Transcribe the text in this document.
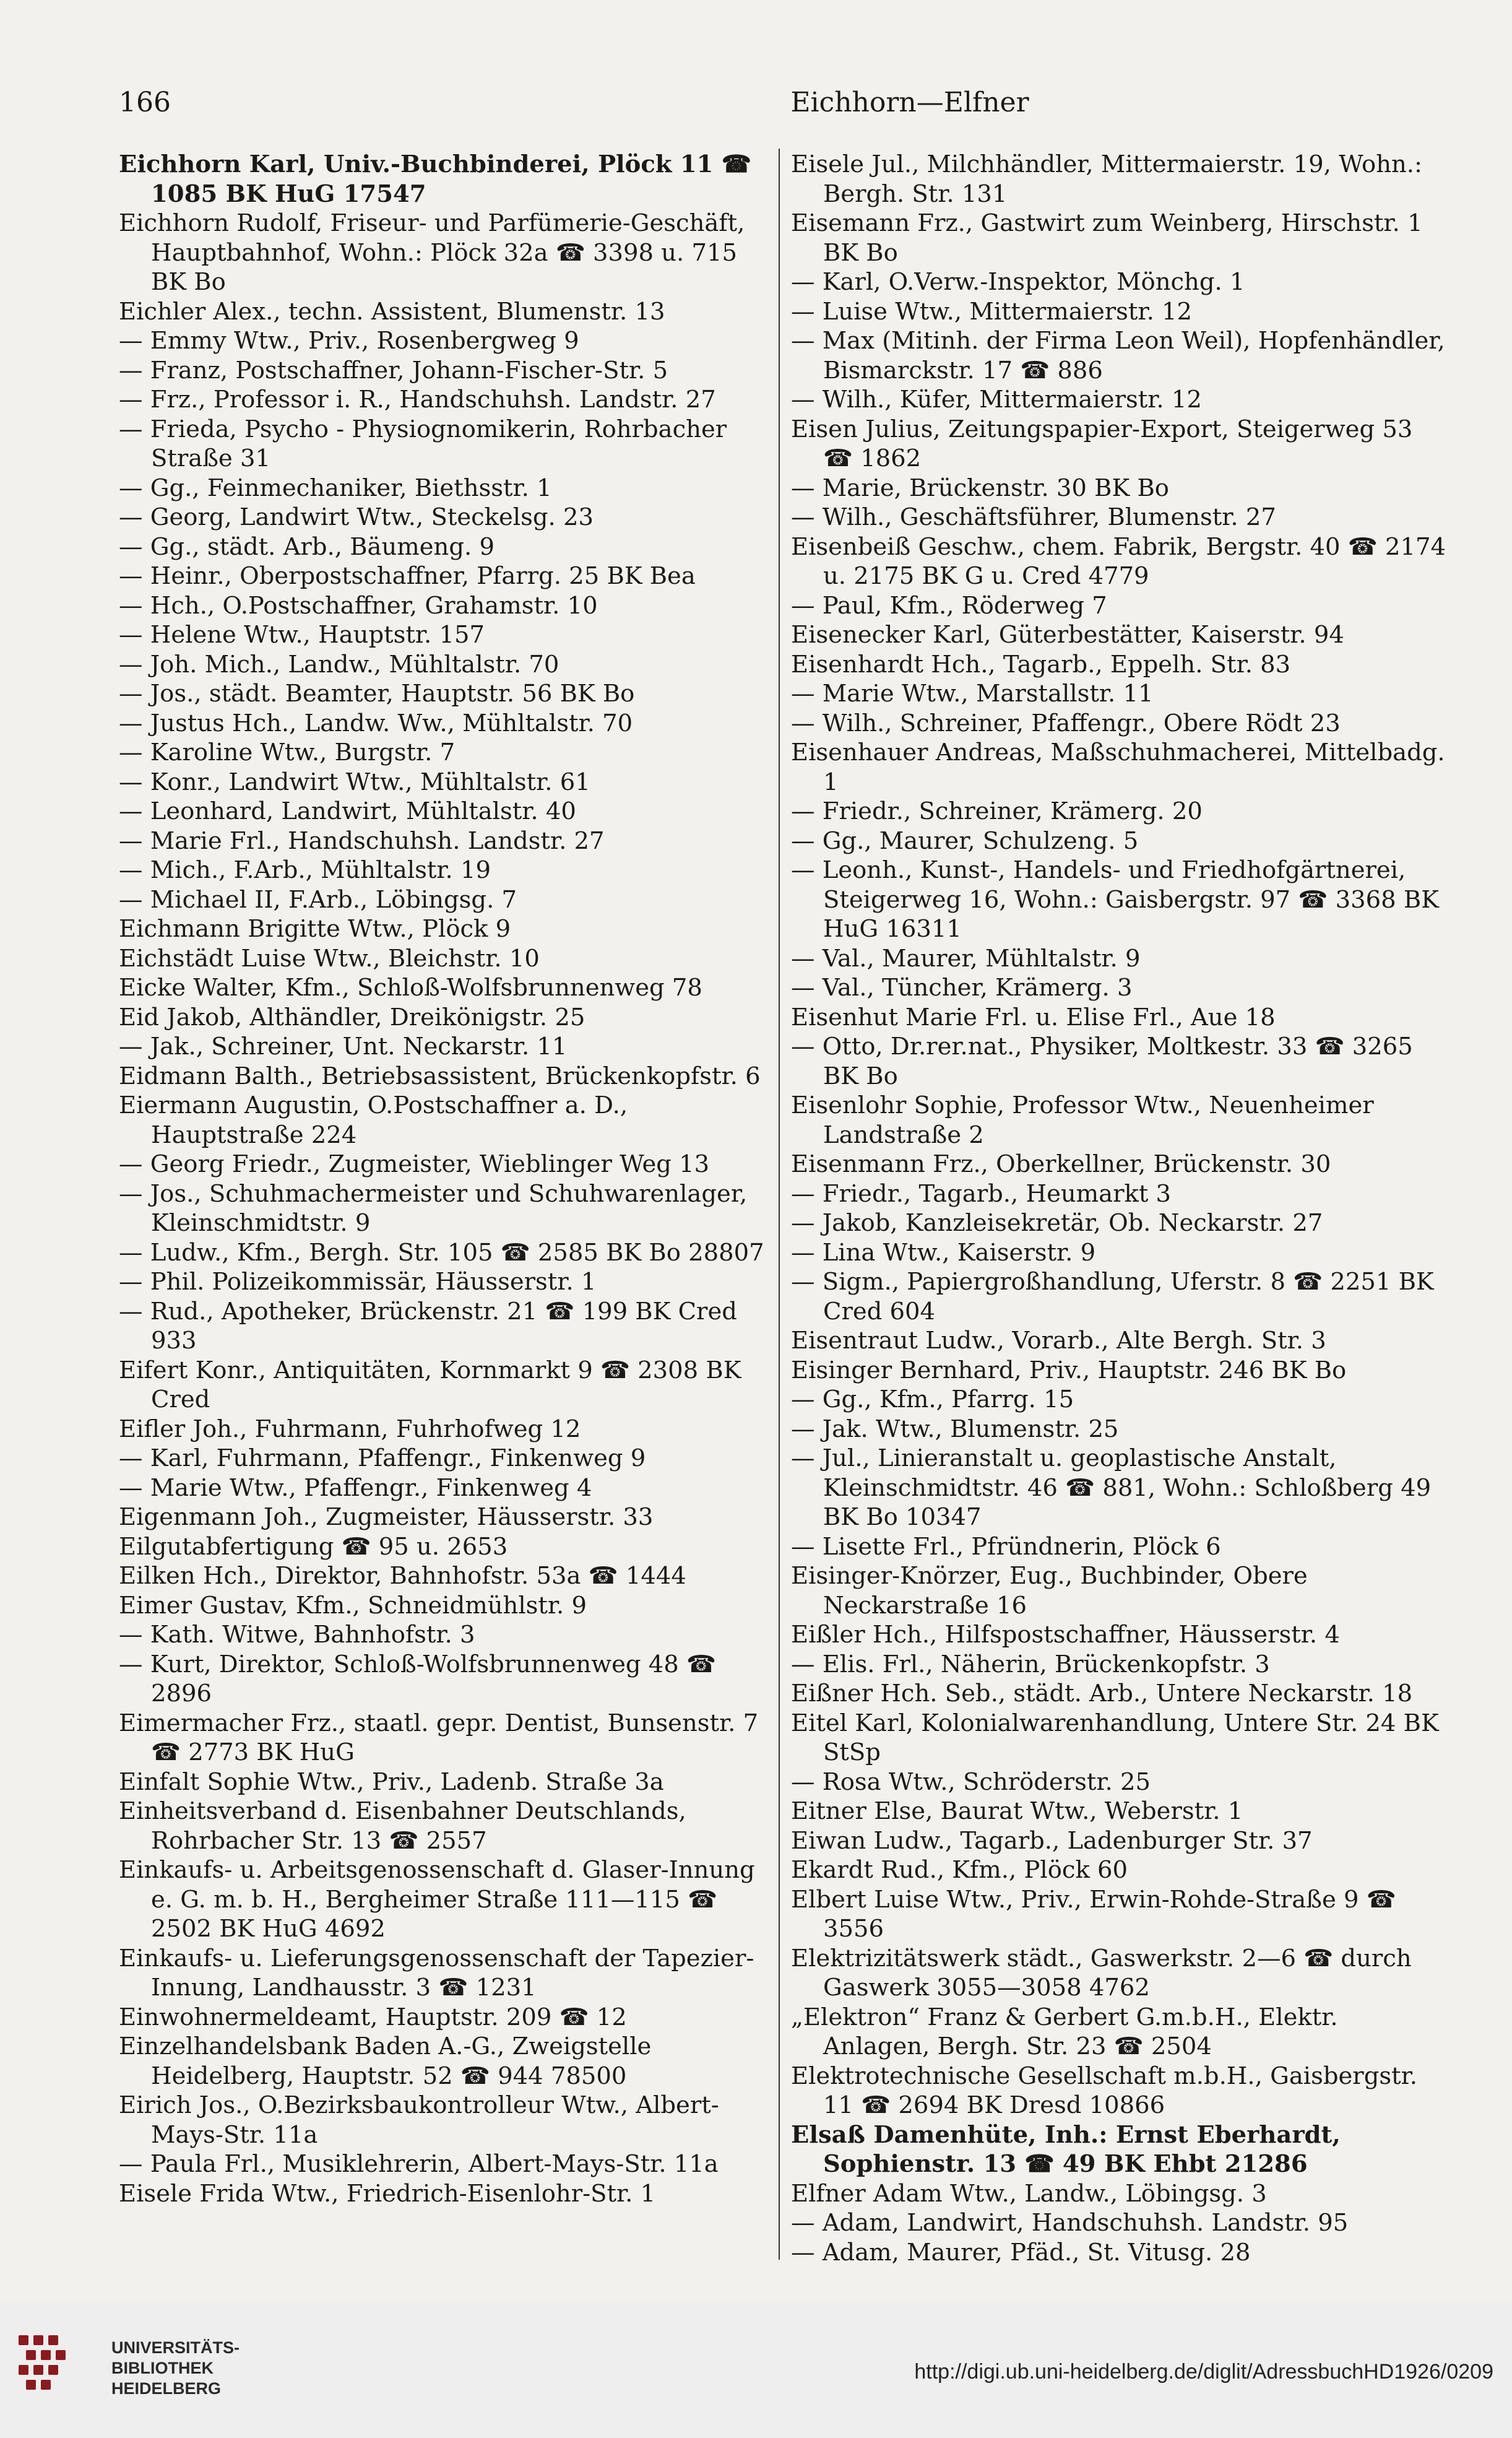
166	Eichhorn—Elfner
Eichhorn Karl, Univ.-Buchbinderei, Plöck 11 ☎ 1085 BK HuG 17547
Eichhorn Rudolf, Friseur- und Parfümerie-Geschäft, Hauptbahnhof, Wohn.: Plöck 32a ☎ 3398 u. 715 BK Bo
Eichler Alex., techn. Assistent, Blumenstr. 13
— Emmy Wtw., Priv., Rosenbergweg 9
— Franz, Postschaffner, Johann-Fischer-Str. 5
— Frz., Professor i. R., Handschuhsh. Landstr. 27
— Frieda, Psycho - Physiognomikerin, Rohrbacher Straße 31
— Gg., Feinmechaniker, Biethsstr. 1
— Georg, Landwirt Wtw., Steckelsg. 23
— Gg., städt. Arb., Bäumeng. 9
— Heinr., Oberpostschaffner, Pfarrg. 25 BK Bea
— Hch., O.Postschaffner, Grahamstr. 10
— Helene Wtw., Hauptstr. 157
— Joh. Mich., Landw., Mühltalstr. 70
— Jos., städt. Beamter, Hauptstr. 56 BK Bo
— Justus Hch., Landw. Ww., Mühltalstr. 70
— Karoline Wtw., Burgstr. 7
— Konr., Landwirt Wtw., Mühltalstr. 61
— Leonhard, Landwirt, Mühltalstr. 40
— Marie Frl., Handschuhsh. Landstr. 27
— Mich., F.Arb., Mühltalstr. 19
— Michael II, F.Arb., Löbingsg. 7
Eichmann Brigitte Wtw., Plöck 9
Eichstädt Luise Wtw., Bleichstr. 10
Eicke Walter, Kfm., Schloß-Wolfsbrunnenweg 78
Eid Jakob, Althändler, Dreikönigstr. 25
— Jak., Schreiner, Unt. Neckarstr. 11
Eidmann Balth., Betriebsassistent, Brückenkopfstr. 6
Eiermann Augustin, O.Postschaffner a. D., Hauptstraße 224
— Georg Friedr., Zugmeister, Wieblinger Weg 13
— Jos., Schuhmachermeister und Schuhwarenlager, Kleinschmidtstr. 9
— Ludw., Kfm., Bergh. Str. 105 ☎ 2585 BK Bo 28807
— Phil. Polizeikommissär, Häusserstr. 1
— Rud., Apotheker, Brückenstr. 21 ☎ 199 BK Cred 933
Eifert Konr., Antiquitäten, Kornmarkt 9 ☎ 2308 BK Cred
Eifler Joh., Fuhrmann, Fuhrhofweg 12
— Karl, Fuhrmann, Pfaffengr., Finkenweg 9
— Marie Wtw., Pfaffengr., Finkenweg 4
Eigenmann Joh., Zugmeister, Häusserstr. 33
Eilgutabfertigung ☎ 95 u. 2653
Eilken Hch., Direktor, Bahnhofstr. 53a ☎ 1444
Eimer Gustav, Kfm., Schneidmühlstr. 9
— Kath. Witwe, Bahnhofstr. 3
— Kurt, Direktor, Schloß-Wolfsbrunnenweg 48 ☎ 2896
Eimermacher Frz., staatl. gepr. Dentist, Bunsenstr. 7 ☎ 2773 BK HuG
Einfalt Sophie Wtw., Priv., Ladenb. Straße 3a
Einheitsverband d. Eisenbahner Deutschlands, Rohrbacher Str. 13 ☎ 2557
Einkaufs- u. Arbeitsgenossenschaft d. Glaser-Innung e. G. m. b. H., Bergheimer Straße 111—115 ☎ 2502 BK HuG 4692
Einkaufs- u. Lieferungsgenossenschaft der Tapezier-Innung, Landhausstr. 3 ☎ 1231
Einwohnermeldeamt, Hauptstr. 209 ☎ 12
Einzelhandelsbank Baden A.-G., Zweigstelle Heidelberg, Hauptstr. 52 ☎ 944 78500
Eirich Jos., O.Bezirksbaukontrolleur Wtw., Albert-Mays-Str. 11a
— Paula Frl., Musiklehrerin, Albert-Mays-Str. 11a
Eisele Frida Wtw., Friedrich-Eisenlohr-Str. 1
Eisele Jul., Milchhändler, Mittermaierstr. 19, Wohn.: Bergh. Str. 131
Eisemann Frz., Gastwirt zum Weinberg, Hirschstr. 1 BK Bo
— Karl, O.Verw.-Inspektor, Mönchg. 1
— Luise Wtw., Mittermaierstr. 12
— Max (Mitinh. der Firma Leon Weil), Hopfenhändler, Bismarckstr. 17 ☎ 886
— Wilh., Küfer, Mittermaierstr. 12
Eisen Julius, Zeitungspapier-Export, Steigerweg 53 ☎ 1862
— Marie, Brückenstr. 30 BK Bo
— Wilh., Geschäftsführer, Blumenstr. 27
Eisenbeiß Geschw., chem. Fabrik, Bergstr. 40 ☎ 2174 u. 2175 BK G u. Cred 4779
— Paul, Kfm., Röderweg 7
Eisenecker Karl, Güterbestätter, Kaiserstr. 94
Eisenhardt Hch., Tagarb., Eppelh. Str. 83
— Marie Wtw., Marstallstr. 11
— Wilh., Schreiner, Pfaffengr., Obere Rödt 23
Eisenhauer Andreas, Maßschuhmacherei, Mittelbadg. 1
— Friedr., Schreiner, Krämerg. 20
— Gg., Maurer, Schulzeng. 5
— Leonh., Kunst-, Handels- und Friedhofgärtnerei, Steigerweg 16, Wohn.: Gaisbergstr. 97 ☎ 3368 BK HuG 16311
— Val., Maurer, Mühltalstr. 9
— Val., Tüncher, Krämerg. 3
Eisenhut Marie Frl. u. Elise Frl., Aue 18
— Otto, Dr.rer.nat., Physiker, Moltkestr. 33 ☎ 3265 BK Bo
Eisenlohr Sophie, Professor Wtw., Neuenheimer Landstraße 2
Eisenmann Frz., Oberkellner, Brückenstr. 30
— Friedr., Tagarb., Heumarkt 3
— Jakob, Kanzleisekretär, Ob. Neckarstr. 27
— Lina Wtw., Kaiserstr. 9
— Sigm., Papiergroßhandlung, Uferstr. 8 ☎ 2251 BK Cred 604
Eisentraut Ludw., Vorarb., Alte Bergh. Str. 3
Eisinger Bernhard, Priv., Hauptstr. 246 BK Bo
— Gg., Kfm., Pfarrg. 15
— Jak. Wtw., Blumenstr. 25
— Jul., Linieranstalt u. geoplastische Anstalt, Kleinschmidtstr. 46 ☎ 881, Wohn.: Schloßberg 49 BK Bo 10347
— Lisette Frl., Pfründnerin, Plöck 6
Eisinger-Knörzer, Eug., Buchbinder, Obere Neckarstraße 16
Eißler Hch., Hilfspostschaffner, Häusserstr. 4
— Elis. Frl., Näherin, Brückenkopfstr. 3
Eißner Hch. Seb., städt. Arb., Untere Neckarstr. 18
Eitel Karl, Kolonialwarenhandlung, Untere Str. 24 BK StSp
— Rosa Wtw., Schröderstr. 25
Eitner Else, Baurat Wtw., Weberstr. 1
Eiwan Ludw., Tagarb., Ladenburger Str. 37
Ekardt Rud., Kfm., Plöck 60
Elbert Luise Wtw., Priv., Erwin-Rohde-Straße 9 ☎ 3556
Elektrizitätswerk städt., Gaswerkstr. 2—6 ☎ durch Gaswerk 3055—3058 4762
„Elektron“ Franz & Gerbert G.m.b.H., Elektr. Anlagen, Bergh. Str. 23 ☎ 2504
Elektrotechnische Gesellschaft m.b.H., Gaisbergstr. 11 ☎ 2694 BK Dresd 10866
Elsaß Damenhüte, Inh.: Ernst Eberhardt, Sophienstr. 13 ☎ 49 BK Ehbt 21286
Elfner Adam Wtw., Landw., Löbingsg. 3
— Adam, Landwirt, Handschuhsh. Landstr. 95
— Adam, Maurer, Pfäd., St. Vitusg. 28
UNIVERSITÄTS-
BIBLIOTHEK
HEIDELBERG
http://digi.ub.uni-heidelberg.de/diglit/AdressbuchHD1926/0209
